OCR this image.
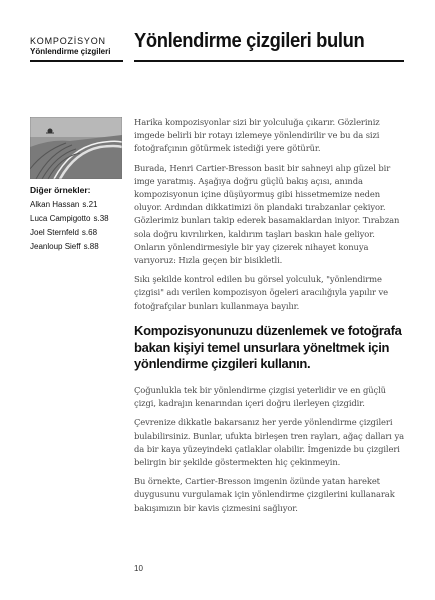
KOMPOZİSYON
Yönlendirme çizgileri	Yönlendirme çizgileri bulun
Diğer örnekler:
Alkan Hassan s.21
Luca Campigotto s.38
Joel Sternfeld s.68
Jeanloup Sieff s.88

Harika kompozisyonlar sizi bir yolculuğa çıkarır. Gözleriniz imgede belirli bir rotayı izlemeye yönlendirilir ve bu da sizi fotoğrafçının götürmek istediği yere götürür.

Burada, Henri Cartier-Bresson basit bir sahneyi alıp güzel bir imge yaratmış. Aşağıya doğru güçlü bakış açısı, anında kompozisyonun içine düşüyormuş gibi hissetmemize neden oluyor. Ardından dikkatimizi ön plandaki tırabzanlar çekiyor. Gözlerimiz bunları takip ederek basamaklardan iniyor. Tırabzan sola doğru kıvrılırken, kaldırım taşları baskın hale geliyor. Onların yönlendirmesiyle bir yay çizerek nihayet konuya varıyoruz: Hızla geçen bir bisikletli.

Sıkı şekilde kontrol edilen bu görsel yolculuk, "yönlendirme çizgisi" adı verilen kompozisyon ögeleri aracılığıyla yapılır ve fotoğrafçılar bunları kullanmaya bayılır.

Kompozisyonunuzu düzenlemek ve fotoğrafa bakan kişiyi temel unsurlara yöneltmek için yönlendirme çizgileri kullanın.

Çoğunlukla tek bir yönlendirme çizgisi yeterlidir ve en güçlü çizgi, kadrajın kenarından içeri doğru ilerleyen çizgidir.

Çevrenize dikkatle bakarsanız her yerde yönlendirme çizgileri bulabilirsiniz. Bunlar, ufukta birleşen tren rayları, ağaç dalları ya da bir kaya yüzeyindeki çatlaklar olabilir. İmgenizde bu çizgileri belirgin bir şekilde göstermekten hiç çekinmeyin.

Bu örnekte, Cartier-Bresson imgenin özünde yatan hareket duygusunu vurgulamak için yönlendirme çizgilerini kullanarak bakışımızın bir kavis çizmesini sağlıyor.

10
